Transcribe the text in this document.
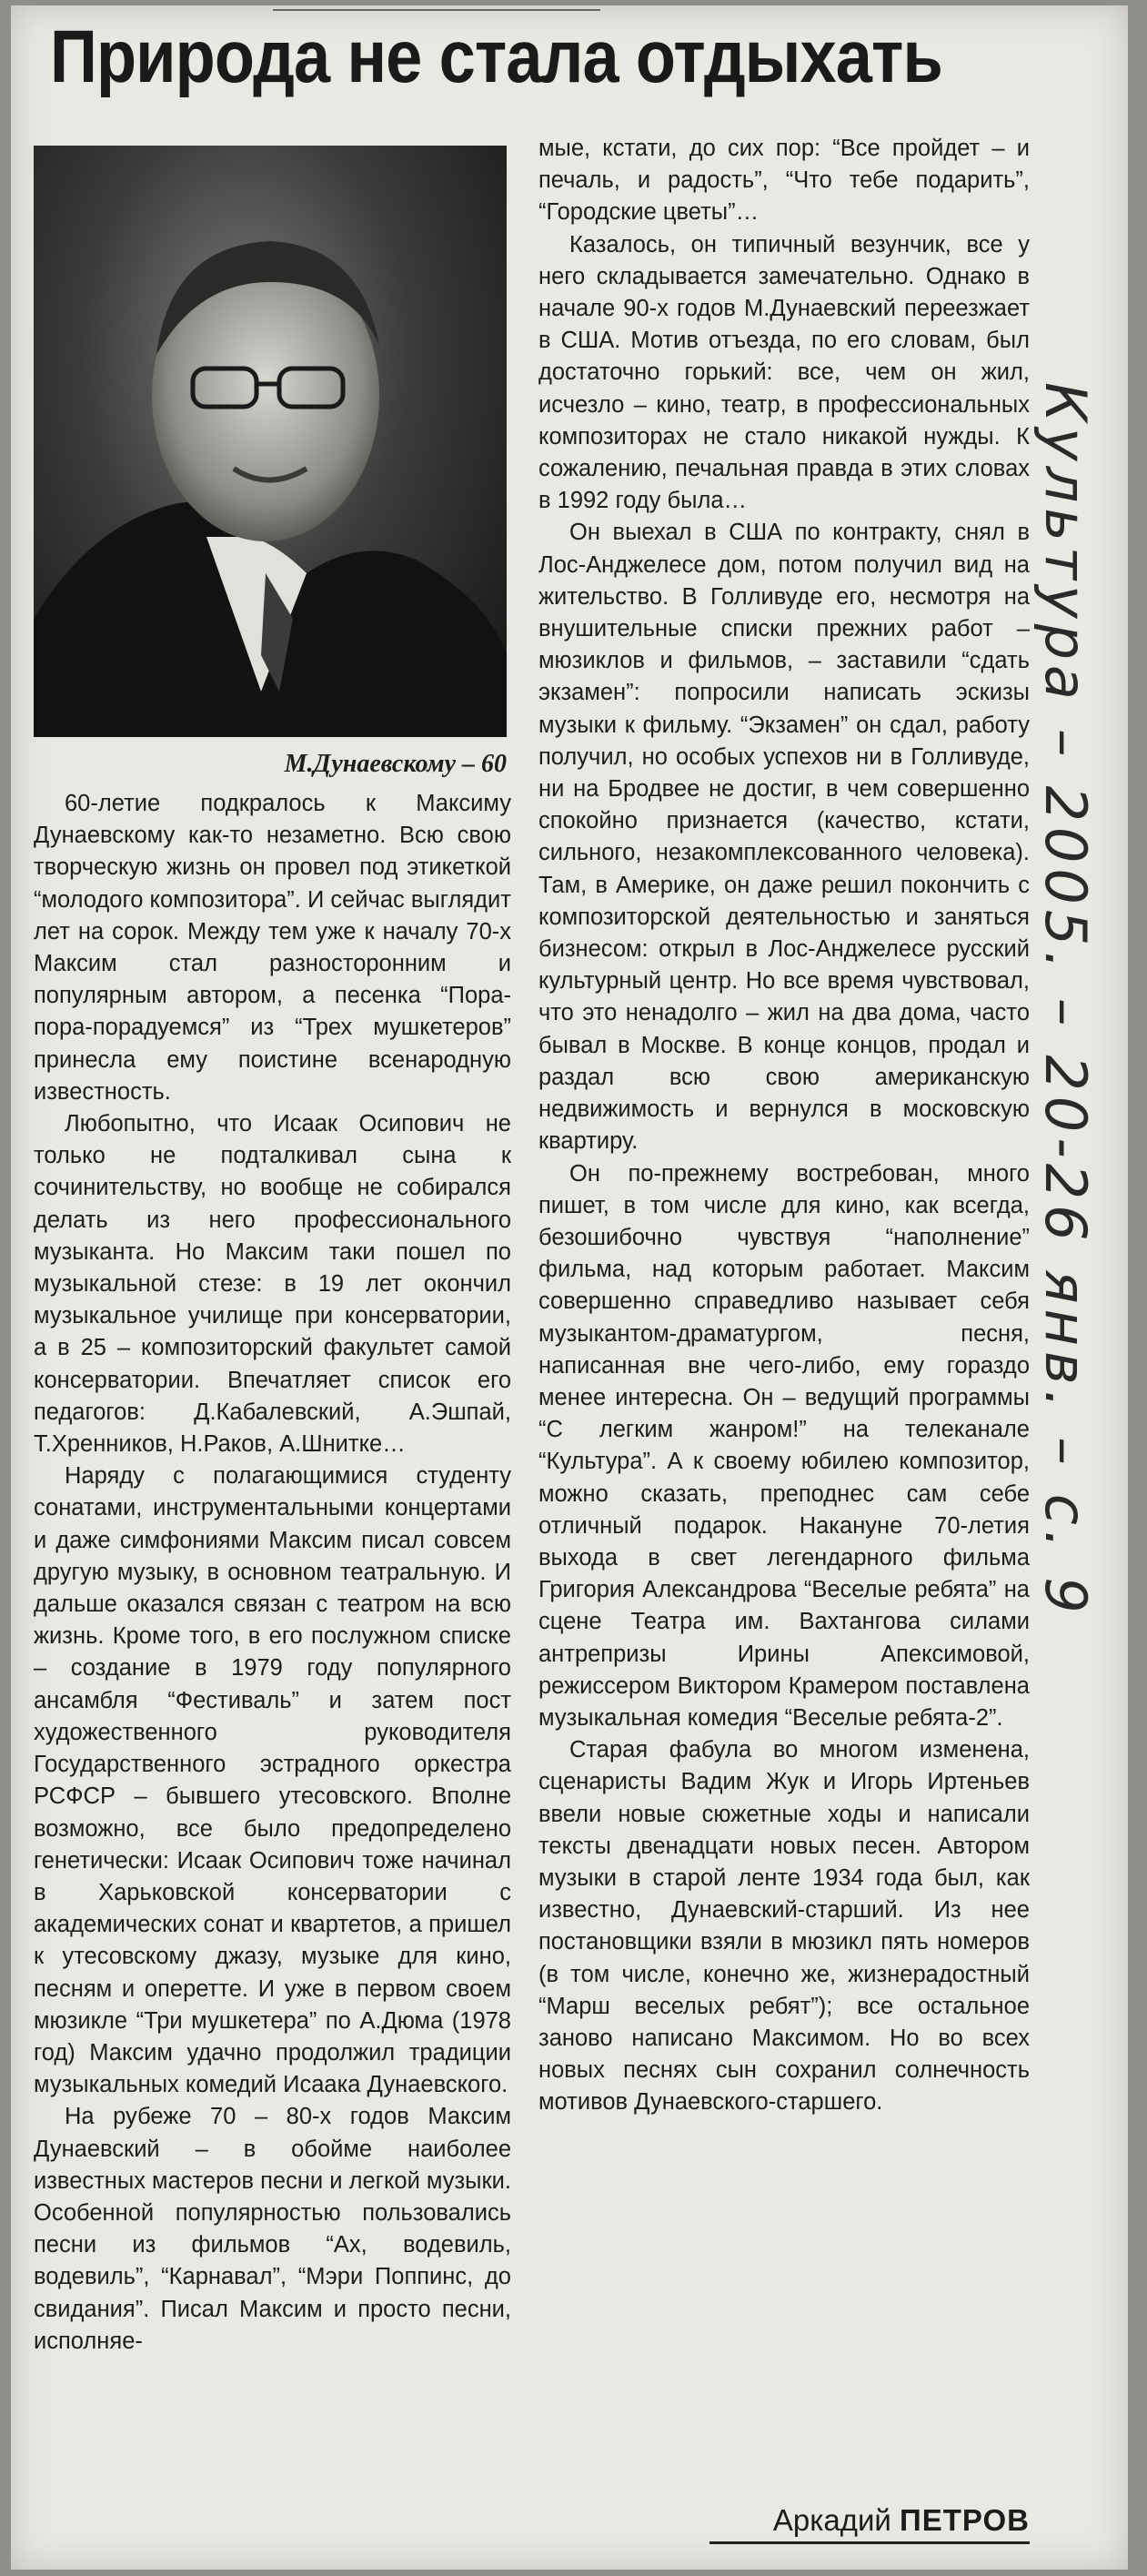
Природа не стала отдыхать
М.Дунаевскому – 60

60-летие подкралось к Максиму Дунаевскому как-то незаметно. Всю свою творческую жизнь он провел под этикеткой “молодого композитора”. И сейчас выглядит лет на сорок. Между тем уже к началу 70-х Максим стал разносторонним и популярным автором, а песенка “Пора-пора-порадуемся” из “Трех мушкетеров” принесла ему поистине всенародную известность.

Любопытно, что Исаак Осипович не только не подталкивал сына к сочинительству, но вообще не собирался делать из него профессионального музыканта. Но Максим таки пошел по музыкальной стезе: в 19 лет окончил музыкальное училище при консерватории, а в 25 – композиторский факультет самой консерватории. Впечатляет список его педагогов: Д.Кабалевский, А.Эшпай, Т.Хренников, Н.Раков, А.Шнитке…

Наряду с полагающимися студенту сонатами, инструментальными концертами и даже симфониями Максим писал совсем другую музыку, в основном театральную. И дальше оказался связан с театром на всю жизнь. Кроме того, в его послужном списке – создание в 1979 году популярного ансамбля “Фестиваль” и затем пост художественного руководителя Государственного эстрадного оркестра РСФСР – бывшего утесовского. Вполне возможно, все было предопределено генетически: Исаак Осипович тоже начинал в Харьковской консерватории с академических сонат и квартетов, а пришел к утесовскому джазу, музыке для кино, песням и оперетте. И уже в первом своем мюзикле “Три мушкетера” по А.Дюма (1978 год) Максим удачно продолжил традиции музыкальных комедий Исаака Дунаевского.

На рубеже 70 – 80-х годов Максим Дунаевский – в обойме наиболее известных мастеров песни и легкой музыки. Особенной популярностью пользовались песни из фильмов “Ах, водевиль, водевиль”, “Карнавал”, “Мэри Поппинс, до свидания”. Писал Максим и просто песни, исполняе-

мые, кстати, до сих пор: “Все пройдет – и печаль, и радость”, “Что тебе подарить”, “Городские цветы”…

Казалось, он типичный везунчик, все у него складывается замечательно. Однако в начале 90-х годов М.Дунаевский переезжает в США. Мотив отъезда, по его словам, был достаточно горький: все, чем он жил, исчезло – кино, театр, в профессиональных композиторах не стало никакой нужды. К сожалению, печальная правда в этих словах в 1992 году была…

Он выехал в США по контракту, снял в Лос-Анджелесе дом, потом получил вид на жительство. В Голливуде его, несмотря на внушительные списки прежних работ – мюзиклов и фильмов, – заставили “сдать экзамен”: попросили написать эскизы музыки к фильму. “Экзамен” он сдал, работу получил, но особых успехов ни в Голливуде, ни на Бродвее не достиг, в чем совершенно спокойно признается (качество, кстати, сильного, незакомплексованного человека). Там, в Америке, он даже решил покончить с композиторской деятельностью и заняться бизнесом: открыл в Лос-Анджелесе русский культурный центр. Но все время чувствовал, что это ненадолго – жил на два дома, часто бывал в Москве. В конце концов, продал и раздал всю свою американскую недвижимость и вернулся в московскую квартиру.

Он по-прежнему востребован, много пишет, в том числе для кино, как всегда, безошибочно чувствуя “наполнение” фильма, над которым работает. Максим совершенно справедливо называет себя музыкантом-драматургом, песня, написанная вне чего-либо, ему гораздо менее интересна. Он – ведущий программы “С легким жанром!” на телеканале “Культура”. А к своему юбилею композитор, можно сказать, преподнес сам себе отличный подарок. Накануне 70-летия выхода в свет легендарного фильма Григория Александрова “Веселые ребята” на сцене Театра им. Вахтангова силами антрепризы Ирины Апексимовой, режиссером Виктором Крамером поставлена музыкальная комедия “Веселые ребята-2”.

Старая фабула во многом изменена, сценаристы Вадим Жук и Игорь Иртеньев ввели новые сюжетные ходы и написали тексты двенадцати новых песен. Автором музыки в старой ленте 1934 года был, как известно, Дунаевский-старший. Из нее постановщики взяли в мюзикл пять номеров (в том числе, конечно же, жизнерадостный “Марш веселых ребят”); все остальное заново написано Максимом. Но во всех новых песнях сын сохранил солнечность мотивов Дунаевского-старшего.

Аркадий ПЕТРОВ
Культура – 2005. – 20-26 янв. – с. 9
